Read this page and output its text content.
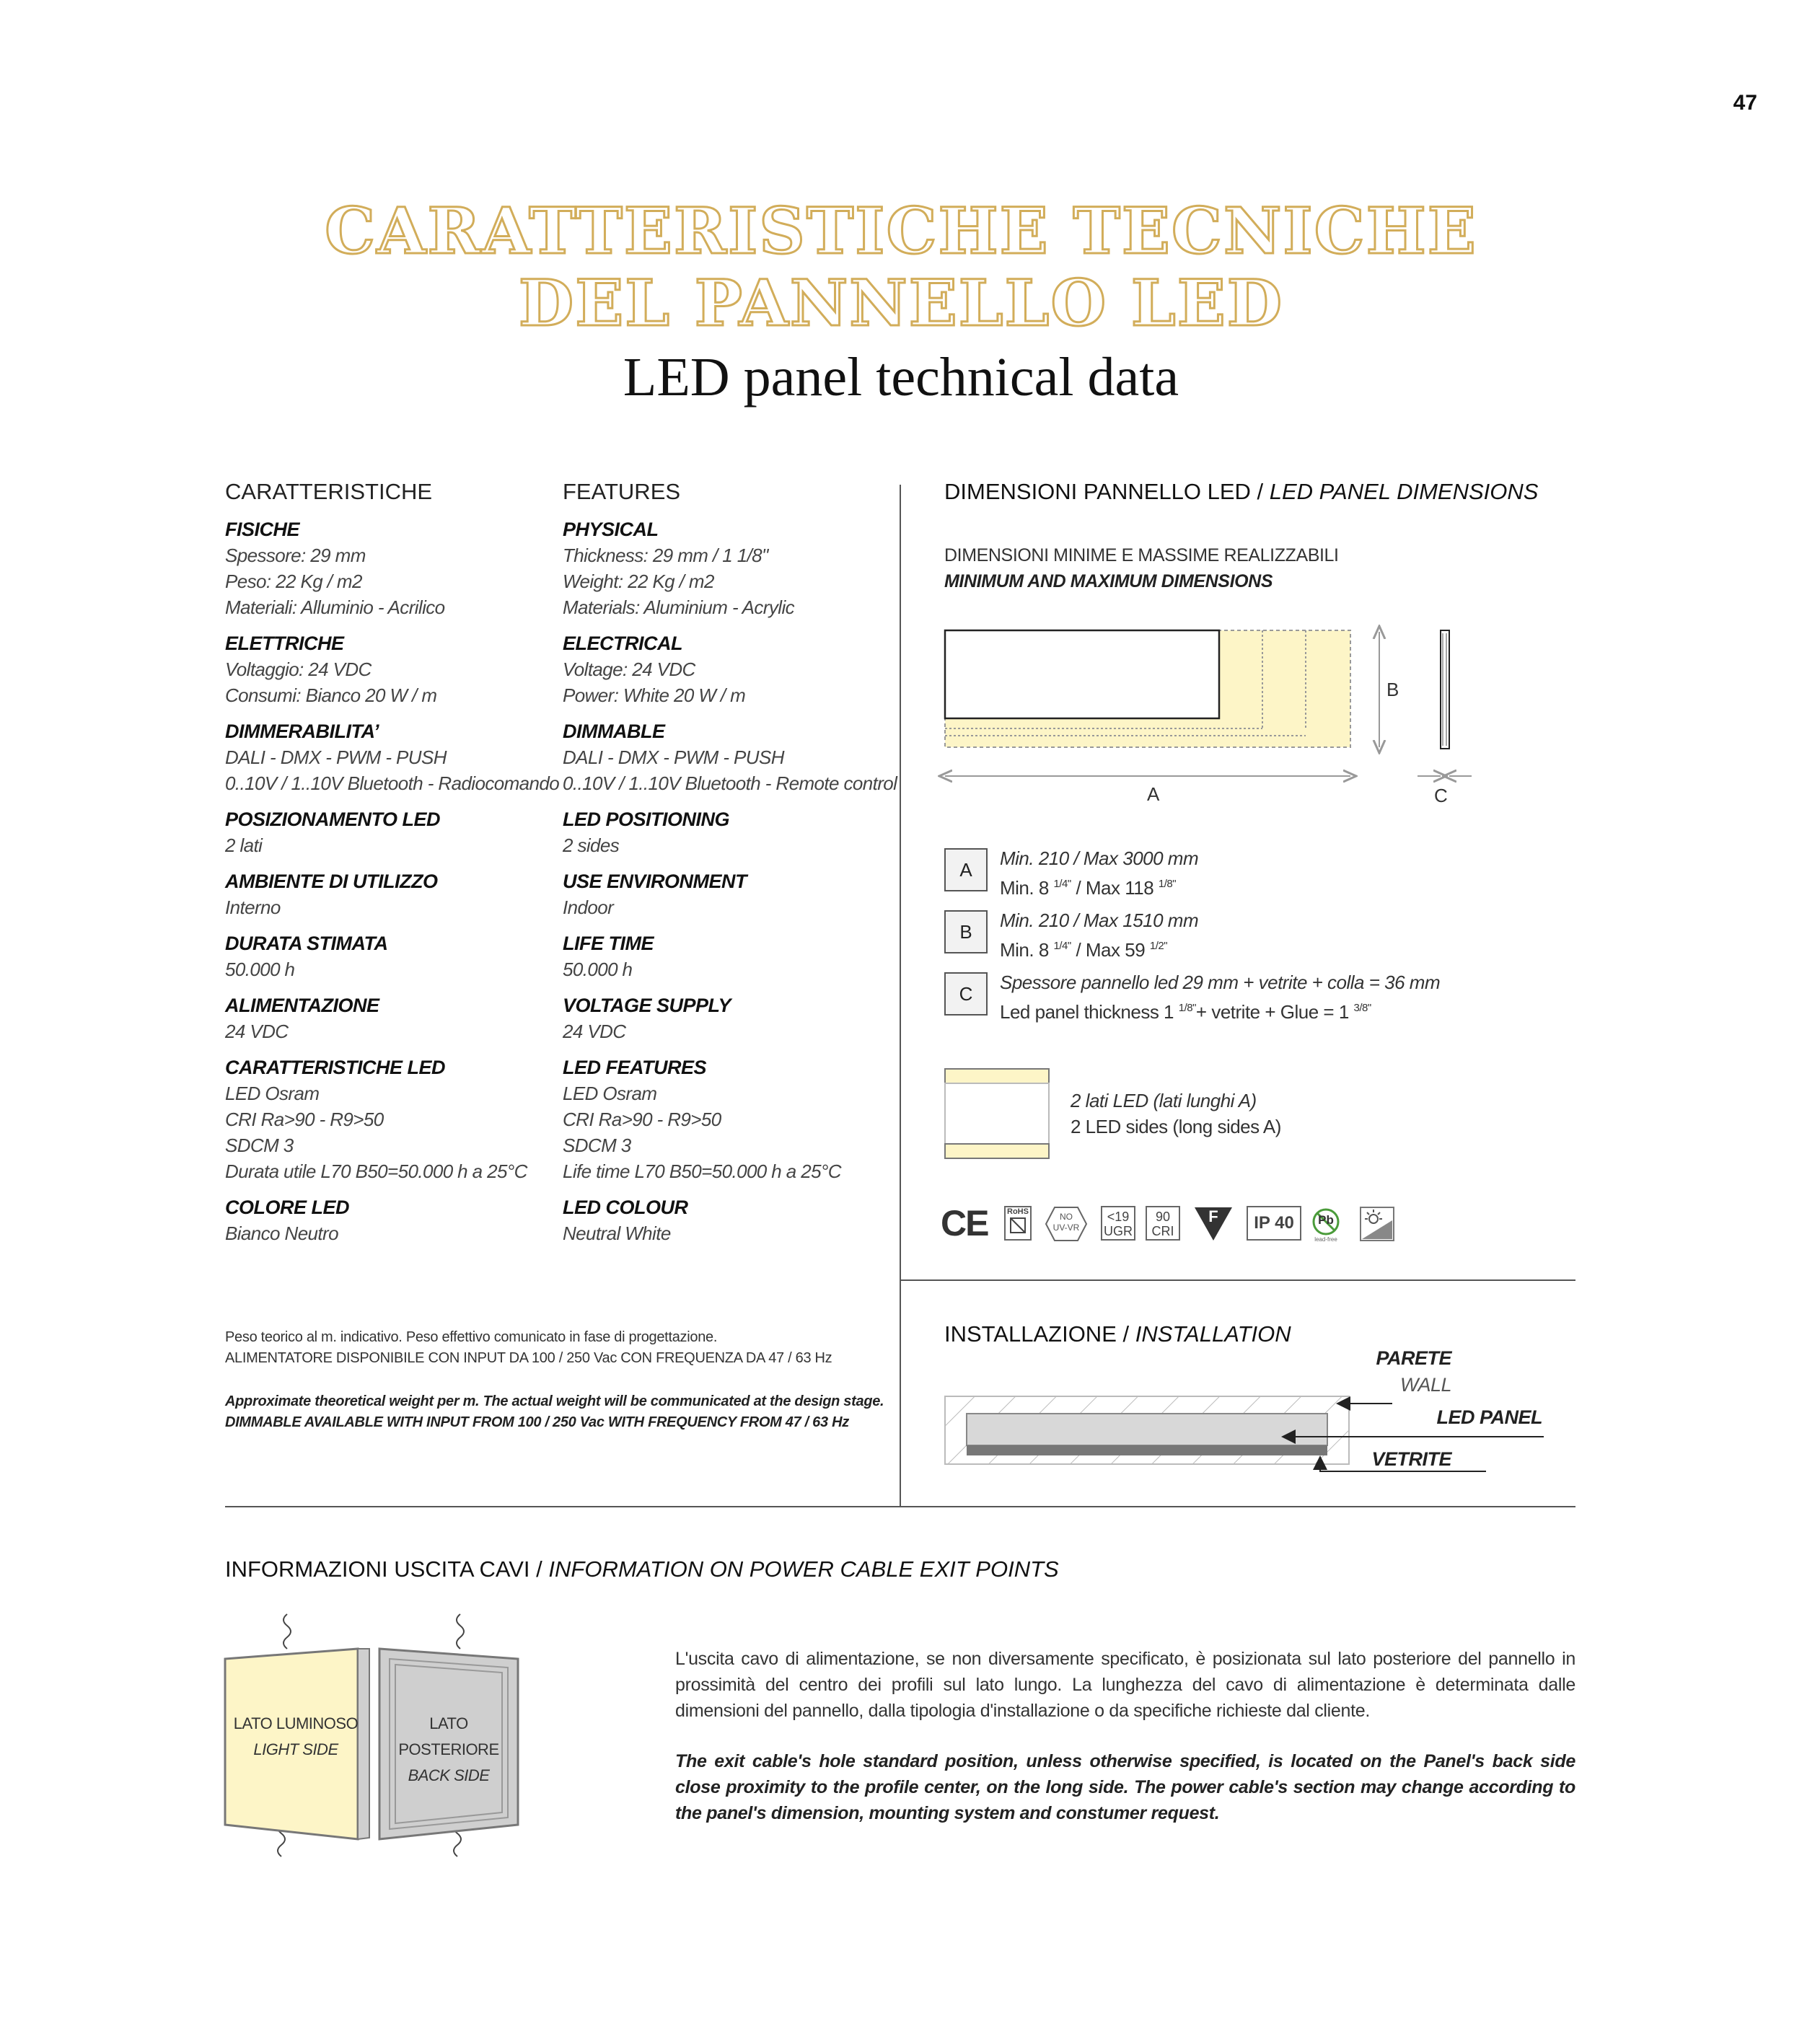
47
CARATTERISTICHE TECNICHE
DEL PANNELLO LED
LED panel technical data
CARATTERISTICHE	FEATURES
FISICHE
Spessore: 29 mm
Peso: 22 Kg / m2
Materiali: Alluminio - Acrilico
ELETTRICHE
Voltaggio: 24 VDC
Consumi: Bianco 20 W / m
DIMMERABILITA’
DALI - DMX - PWM - PUSH
0..10V / 1..10V Bluetooth - Radiocomando
POSIZIONAMENTO LED
2 lati
AMBIENTE DI UTILIZZO
Interno
DURATA STIMATA
50.000 h
ALIMENTAZIONE
24 VDC
CARATTERISTICHE LED
LED Osram
CRI Ra>90 - R9>50
SDCM 3
Durata utile L70 B50=50.000 h a 25°C
COLORE LED
Bianco Neutro
PHYSICAL
Thickness: 29 mm / 1 1/8"
Weight: 22 Kg / m2
Materials: Aluminium - Acrylic
ELECTRICAL
Voltage: 24 VDC
Power: White 20 W / m
DIMMABLE
DALI - DMX - PWM - PUSH
0..10V / 1..10V Bluetooth - Remote control
LED POSITIONING
2 sides
USE ENVIRONMENT
Indoor
LIFE TIME
50.000 h
VOLTAGE SUPPLY
24 VDC
LED FEATURES
LED Osram
CRI Ra>90 - R9>50
SDCM 3
Life time L70 B50=50.000 h a 25°C
LED COLOUR
Neutral White
Peso teorico al m. indicativo. Peso effettivo comunicato in fase di progettazione.
ALIMENTATORE DISPONIBILE CON INPUT DA 100 / 250 Vac CON FREQUENZA DA 47 / 63 Hz
Approximate theoretical weight per m. The actual weight will be communicated at the design stage.
DIMMABLE AVAILABLE WITH INPUT FROM 100 / 250 Vac WITH FREQUENCY FROM 47 / 63 Hz
DIMENSIONI PANNELLO LED / LED PANEL DIMENSIONS
DIMENSIONI MINIME E MASSIME REALIZZABILI
MINIMUM AND MAXIMUM DIMENSIONS
B
A	C
A
Min. 210 / Max 3000 mm
Min. 8 $^{1/4"}$ / Max 118 $^{1/8"}$
B
Min. 210 / Max 1510 mm
Min. 8 $^{1/4"}$ / Max 59 $^{1/2"}$
C
Spessore pannello led 29 mm + vetrite + colla = 36 mm
Led panel thickness 1 $^{1/8"}$+ vetrite + Glue = 1 $^{3/8"}$
2 lati LED (lati lunghi A)
2 LED sides (long sides A)
CE RoHS	NO
UV-VR
<19
UGR
90
CRI
F	IP 40	Pb
lead-free
INSTALLAZIONE / INSTALLATION
PARETE
WALL
LED PANEL
VETRITE
INFORMAZIONI USCITA CAVI / INFORMATION ON POWER CABLE EXIT POINTS
LATO LUMINOSO
LIGHT SIDE
LATO POSTERIORE
BACK SIDE
L'uscita cavo di alimentazione, se non diversamente specificato, è posizionata sul lato posteriore del pannello in prossimità del centro dei profili sul lato lungo. La lunghezza del cavo di alimentazione è determinata dalle dimensioni del pannello, dalla tipologia d'installazione o da specifiche richieste dal cliente.
The exit cable's hole standard position, unless otherwise specified, is located on the Panel's back side close proximity to the profile center, on the long side. The power cable's section may change according to the panel's dimension, mounting system and constumer request.
